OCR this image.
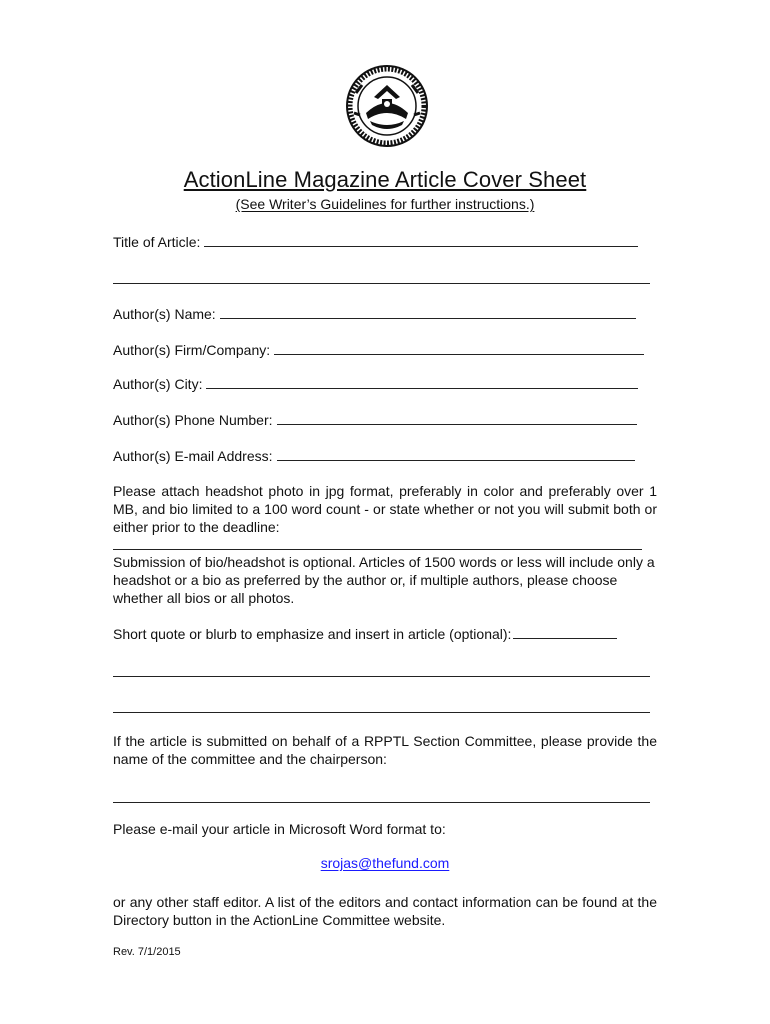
ActionLine Magazine Article Cover Sheet
(See Writer’s Guidelines for further instructions.)
Title of Article:
Author(s) Name:
Author(s) Firm/Company:
Author(s) City:
Author(s) Phone Number:
Author(s) E-mail Address:
Please attach headshot photo in jpg format, preferably in color and preferably over 1 MB, and bio limited to a 100 word count - or state whether or not you will submit both or either prior to the deadline:
Submission of bio/headshot is optional. Articles of 1500 words or less will include only a headshot or a bio as preferred by the author or, if multiple authors, please choose whether all bios or all photos.
Short quote or blurb to emphasize and insert in article (optional):
If the article is submitted on behalf of a RPPTL Section Committee, please provide the name of the committee and the chairperson:
Please e-mail your article in Microsoft Word format to:
srojas@thefund.com
or any other staff editor. A list of the editors and contact information can be found at the Directory button in the ActionLine Committee website.
Rev. 7/1/2015
